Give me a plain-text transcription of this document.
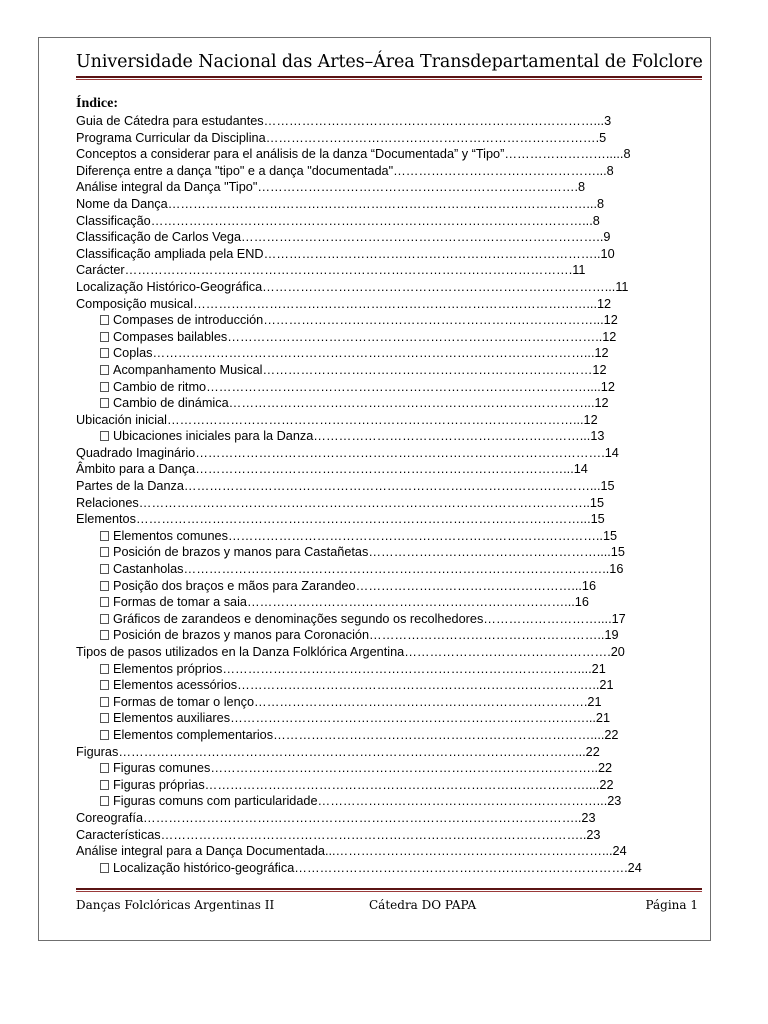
Universidade Nacional das Artes–Área Transdepartamental de Folclore
Índice:
Guia de Cátedra para estudantes ……………………………………………………………………. ..3
Programa Curricular da Disciplina …………………………………………………………………… .5
Conceptos a considerar para el análisis de la danza “Documentada” y “Tipo” ……………………... ..8
Diferença entre a dança "tipo" e a dança "documentada" ………………………………………….. .8
Análise integral da Dança "Tipo" ………………………………………………………………… .8
Nome da Dança ……………………………………………………………………………………….. .8
Classificação ………………………………………………………………………………………….. .8
Classificação de Carlos Vega …………………………………………………………………………. .9
Classificação ampliada pela END …………………………………………………………………….. 10
Carácter …………………………………………………………………………………………… .11
Localização Histórico-Geográfica ………………………………………………………………………. ..11
Composição musical ………………………………………………………………………………….. .12
Compases de introducción …………………………………………………………………….. .12
Compases bailables ……………………………………………………………………………. .12
Coplas ………………………………………………………………………………………….. .12
Acompanhamento Musical ………………………………………………………………… …12
Cambio de ritmo ………………………………………………………………………………... .12
Cambio de dinámica ………………………………………………………………………….. .12
Ubicación inicial …………………………………………………………………………………….. .12
Ubicaciones iniciales para la Danza ……………………………………………………….. .13
Quadrado Imaginário …………………………………………………………………………………… .14
Âmbito para a Dança …………………………………………………………………………….. .14
Partes de la Danza …………………………………………………………………………………….. .15
Relaciones ……………………………………………………………………………………………. .15
Elementos …………………………………………………………………………………………….. .15
Elementos comunes ……………………………………………………………………………. .15
Posición de brazos y manos para Castañetas ………………………………………………... .15
Castanholas ………………………………………………………………………………………. .16
Posição dos braços e mãos para Zarandeo …………………………………………….. .16
Formas de tomar a saia ………………………………………………………………….. .16
Gráficos de zarandeos e denominações segundo os recolhedores ………………………... .17
Posición de brazos y manos para Coronación ………………………………………………. .19
Tipos de pasos utilizados en la Danza Folklórica Argentina ………………………………………… .20
Elementos próprios …………………………………………………………………………... .21
Elementos acessórios …………………………………………………………………………. .21
Formas de tomar o lenço …………………………………………………………………… .21
Elementos auxiliares ………………………………………………………………………….. .21
Elementos complementarios …………………………………………………………………... .22
Figuras ……………………………………………………………………………………………….. .22
Figuras comunes ………………………………………………………………………………. .22
Figuras próprias ………………………………………………………………………………... .22
Figuras comuns com particularidade ………………………………………………………….. .23
Coreografía …………………………………………………………………………………………. .23
Características ………………………………………………………………………………………. .23
Análise integral para a Dança Documentada ...……………………………………………………….. .24
Localização histórico-geográfica …………………………………………………………………… .24
Danças Folclóricas Argentinas II	Cátedra DO PAPA	Página 1
